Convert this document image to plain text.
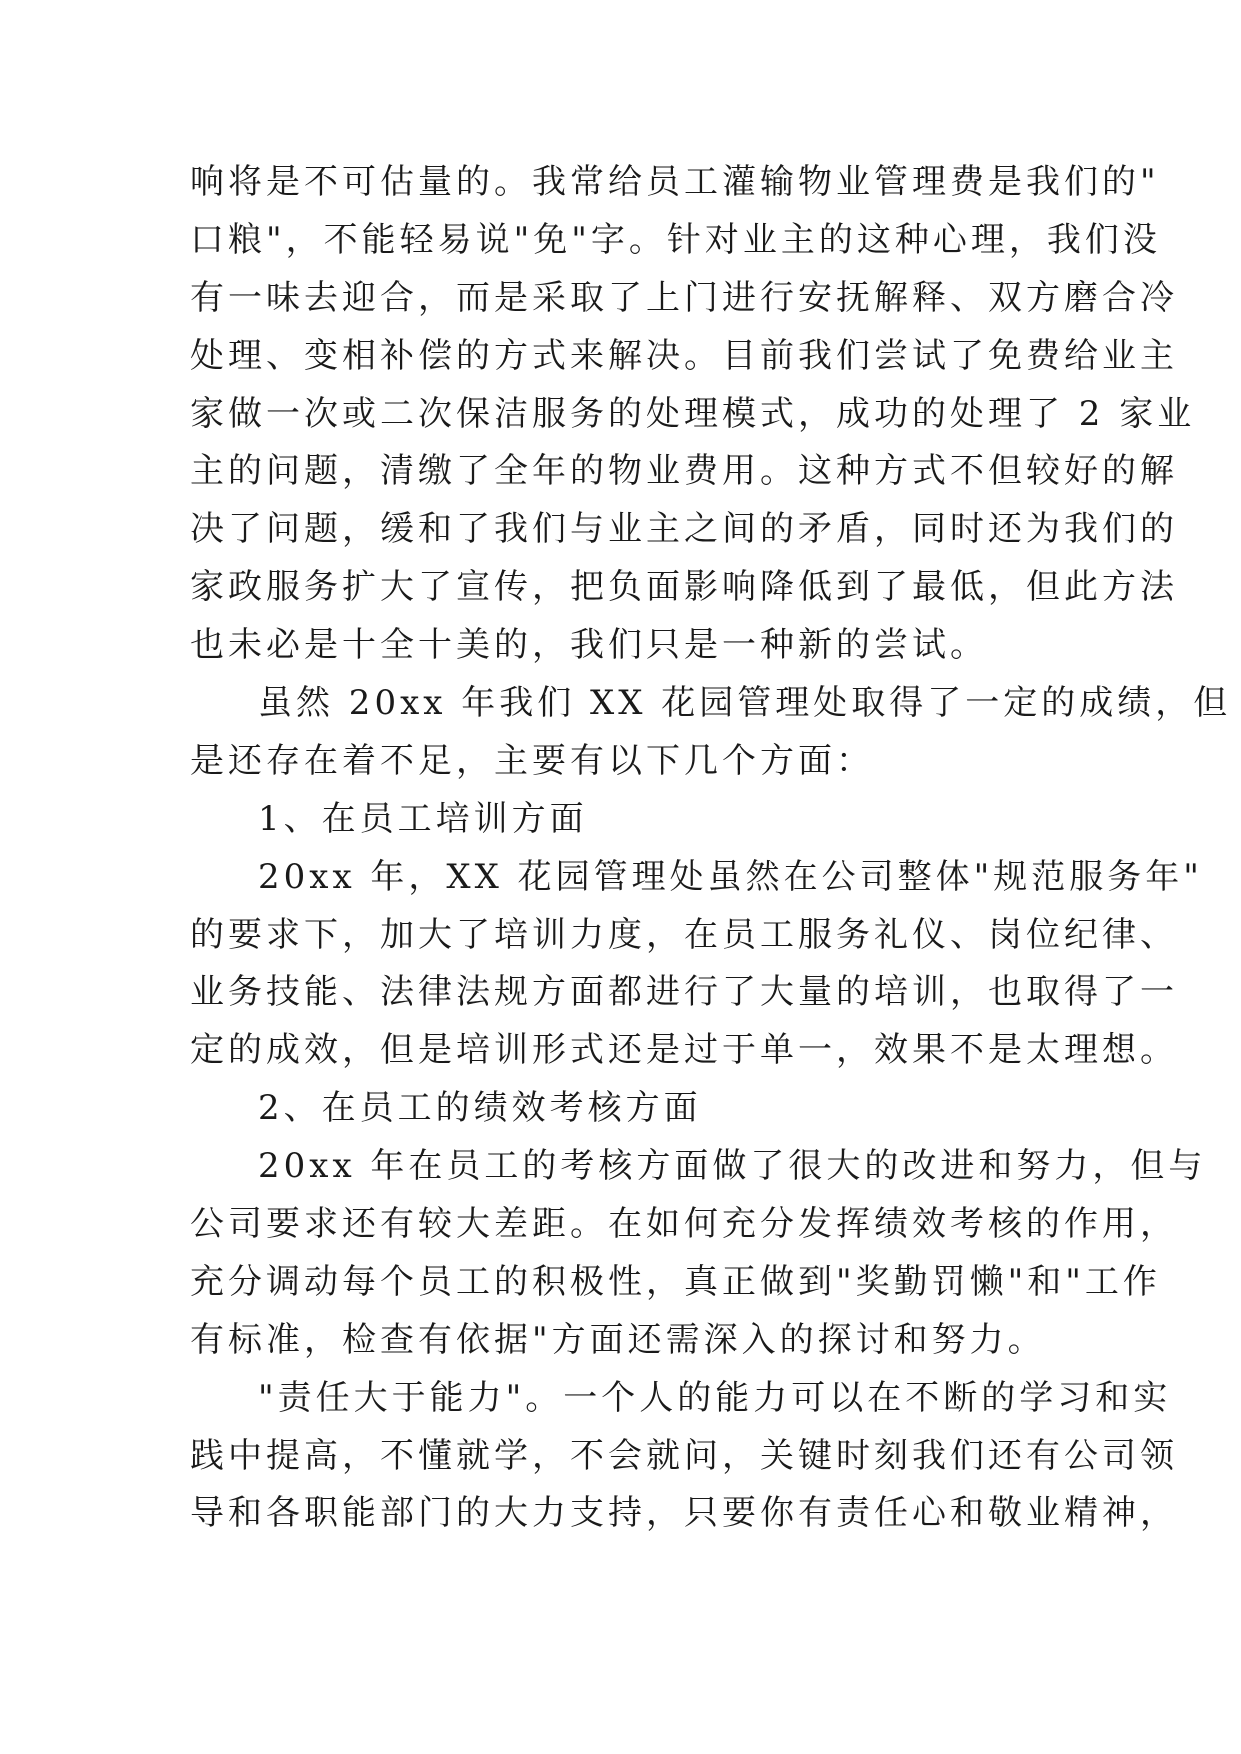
响将是不可估量的。我常给员工灌输物业管理费是我们的"
口粮"，不能轻易说"免"字。针对业主的这种心理，我们没
有一味去迎合，而是采取了上门进行安抚解释、双方磨合冷
处理、变相补偿的方式来解决。目前我们尝试了免费给业主
家做一次或二次保洁服务的处理模式，成功的处理了 2 家业
主的问题，清缴了全年的物业费用。这种方式不但较好的解
决了问题，缓和了我们与业主之间的矛盾，同时还为我们的
家政服务扩大了宣传，把负面影响降低到了最低，但此方法
也未必是十全十美的，我们只是一种新的尝试。
虽然 20xx 年我们 XX 花园管理处取得了一定的成绩，但
是还存在着不足，主要有以下几个方面：
1、在员工培训方面
20xx 年，XX 花园管理处虽然在公司整体"规范服务年"
的要求下，加大了培训力度，在员工服务礼仪、岗位纪律、
业务技能、法律法规方面都进行了大量的培训，也取得了一
定的成效，但是培训形式还是过于单一，效果不是太理想。
2、在员工的绩效考核方面
20xx 年在员工的考核方面做了很大的改进和努力，但与
公司要求还有较大差距。在如何充分发挥绩效考核的作用，
充分调动每个员工的积极性，真正做到"奖勤罚懒"和"工作
有标准，检查有依据"方面还需深入的探讨和努力。
"责任大于能力"。一个人的能力可以在不断的学习和实
践中提高，不懂就学，不会就问，关键时刻我们还有公司领
导和各职能部门的大力支持，只要你有责任心和敬业精神，
